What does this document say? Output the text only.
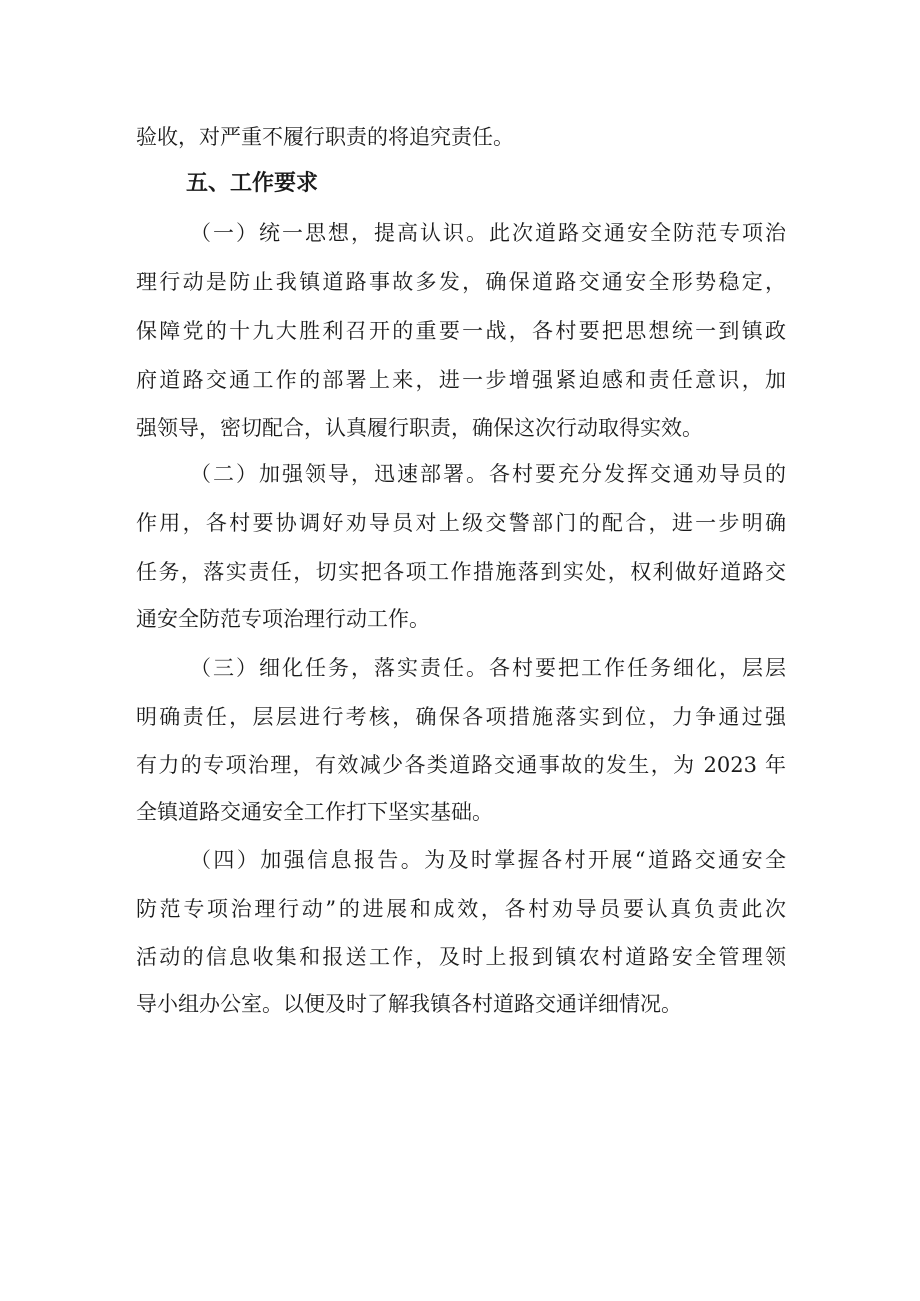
验收，对严重不履行职责的将追究责任。
五、工作要求
（一）统一思想，提高认识。此次道路交通安全防范专项治
理行动是防止我镇道路事故多发，确保道路交通安全形势稳定，
保障党的十九大胜利召开的重要一战，各村要把思想统一到镇政
府道路交通工作的部署上来，进一步增强紧迫感和责任意识，加
强领导，密切配合，认真履行职责，确保这次行动取得实效。
（二）加强领导，迅速部署。各村要充分发挥交通劝导员的
作用，各村要协调好劝导员对上级交警部门的配合，进一步明确
任务，落实责任，切实把各项工作措施落到实处，权利做好道路交
通安全防范专项治理行动工作。
（三）细化任务，落实责任。各村要把工作任务细化，层层
明确责任，层层进行考核，确保各项措施落实到位，力争通过强
有力的专项治理，有效减少各类道路交通事故的发生，为 2023 年
全镇道路交通安全工作打下坚实基础。
（四）加强信息报告。为及时掌握各村开展“道路交通安全
防范专项治理行动”的进展和成效，各村劝导员要认真负责此次
活动的信息收集和报送工作，及时上报到镇农村道路安全管理领
导小组办公室。以便及时了解我镇各村道路交通详细情况。
